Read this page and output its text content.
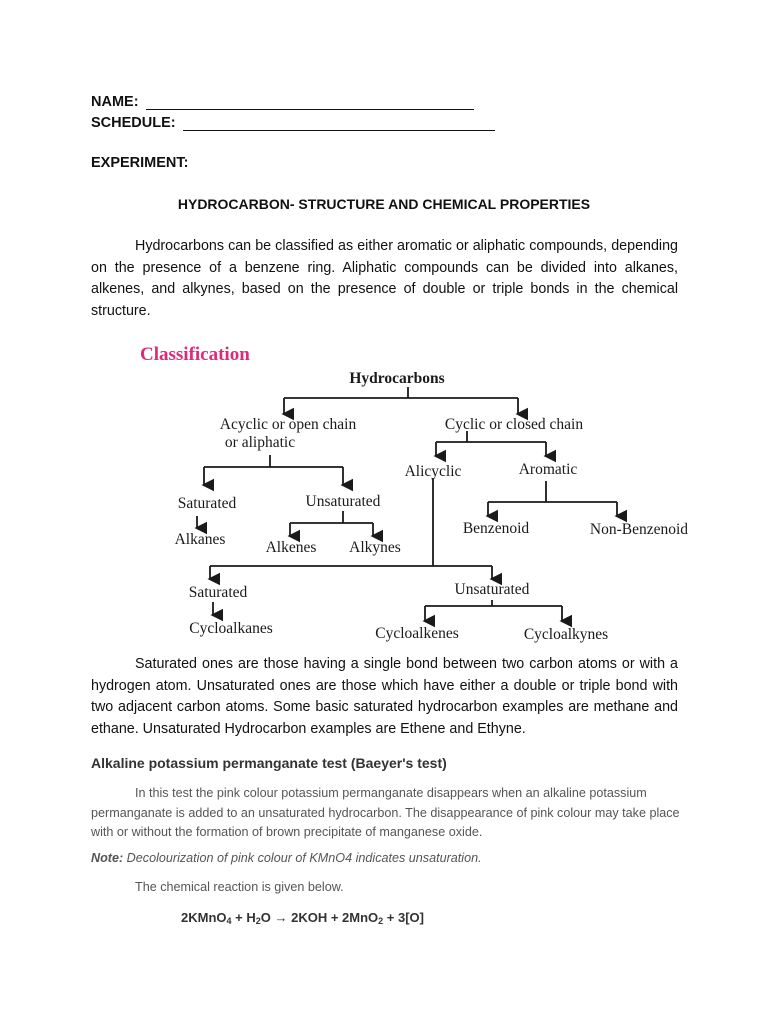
NAME:
SCHEDULE:
EXPERIMENT:
HYDROCARBON- STRUCTURE AND CHEMICAL PROPERTIES
Hydrocarbons can be classified as either aromatic or aliphatic compounds, depending on the presence of a benzene ring. Aliphatic compounds can be divided into alkanes, alkenes, and alkynes, based on the presence of double or triple bonds in the chemical structure.
Classification
Hydrocarbons
Acyclic or open chain
or aliphatic
Cyclic or closed chain
Alicyclic	Aromatic
Saturated	Unsaturated
Alkanes	Alkenes Alkynes
Benzenoid	Non-Benzenoid
Saturated	Unsaturated
Cycloalkanes	Cycloalkenes	Cycloalkynes
Saturated ones are those having a single bond between two carbon atoms or with a hydrogen atom. Unsaturated ones are those which have either a double or triple bond with two adjacent carbon atoms. Some basic saturated hydrocarbon examples are methane and ethane. Unsaturated Hydrocarbon examples are Ethene and Ethyne.
Alkaline potassium permanganate test (Baeyer's test)
In this test the pink colour potassium permanganate disappears when an alkaline potassium permanganate is added to an unsaturated hydrocarbon. The disappearance of pink colour may take place with or without the formation of brown precipitate of manganese oxide.
Note: Decolourization of pink colour of KMnO4 indicates unsaturation.
The chemical reaction is given below.
2KMnO$_4$ + $H_2O \to 2KOH + 2MnO_2 + 3[O]$
